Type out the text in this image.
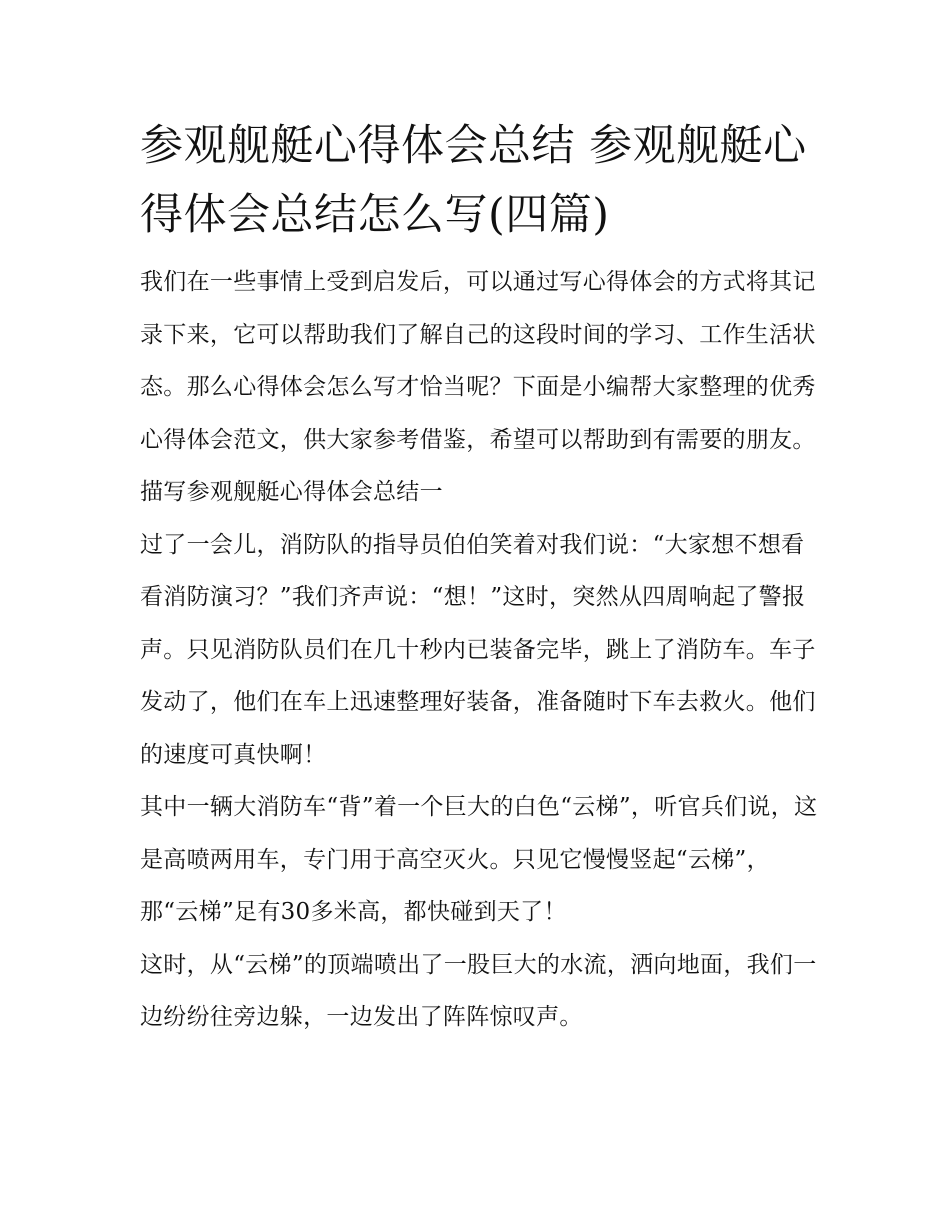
参观舰艇心得体会总结 参观舰艇心得体会总结怎么写(四篇)

我们在一些事情上受到启发后，可以通过写心得体会的方式将其记录下来，它可以帮助我们了解自己的这段时间的学习、工作生活状态。那么心得体会怎么写才恰当呢？下面是小编帮大家整理的优秀心得体会范文，供大家参考借鉴，希望可以帮助到有需要的朋友。

描写参观舰艇心得体会总结一

过了一会儿，消防队的指导员伯伯笑着对我们说：“大家想不想看看消防演习？”我们齐声说：“想！”这时，突然从四周响起了警报声。只见消防队员们在几十秒内已装备完毕，跳上了消防车。车子发动了，他们在车上迅速整理好装备，准备随时下车去救火。他们的速度可真快啊！

其中一辆大消防车“背”着一个巨大的白色“云梯”，听官兵们说，这是高喷两用车，专门用于高空灭火。只见它慢慢竖起“云梯”，那“云梯”足有30多米高，都快碰到天了！

这时，从“云梯”的顶端喷出了一股巨大的水流，洒向地面，我们一边纷纷往旁边躲，一边发出了阵阵惊叹声。
